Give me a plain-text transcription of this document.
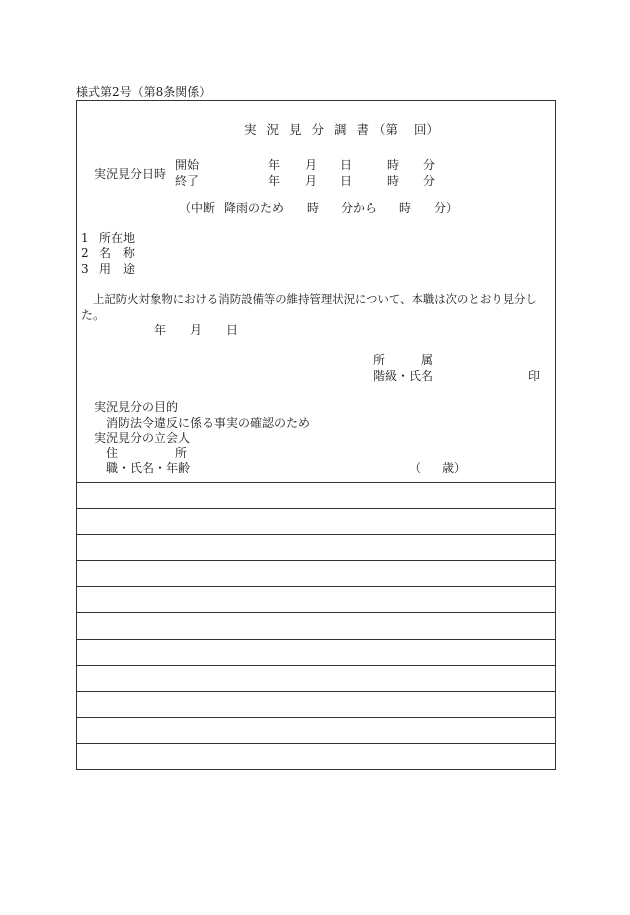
様式第2号（第8条関係）
実 況 見 分 調 書 （第 回）
実況見分日時
開始	年 月 日	時 分
終了	年 月 日	時 分
（中断 降雨のため 時 分から 時 分）
1 所 在 地
2 名 称
3 用 途
上記防火対象物における消防設備等の維持管理状況について、本職は次のとおり見分し
た。
年 月 日
所	属
階級・氏名	印
実況見分の目的
消防法令違反に係る事実の確認のため
実況見分の立会人
住	所
職・氏名・年齢	（ 歳）
